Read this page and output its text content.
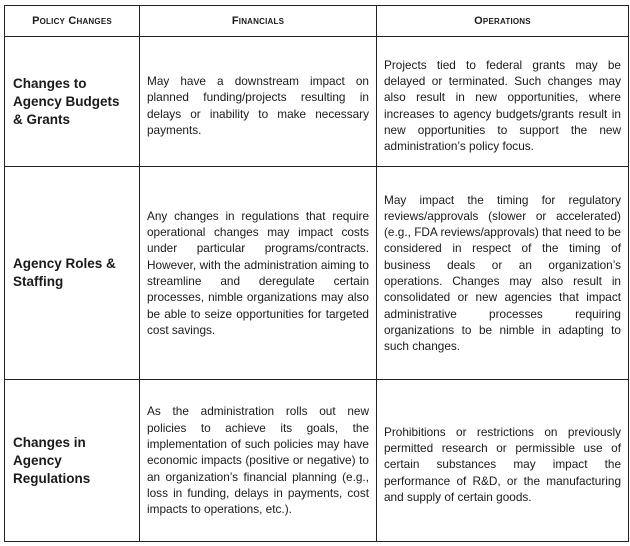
Policy Changes	Financials	Operations
Changes to Agency Budgets & Grants	May have a downstream impact on planned funding/projects resulting in delays or inability to make necessary payments.	Projects tied to federal grants may be delayed or terminated. Such changes may also result in new opportunities, where increases to agency budgets/grants result in new opportunities to support the new administration’s policy focus.
Agency Roles & Staffing	Any changes in regulations that require operational changes may impact costs under particular programs/contracts. However, with the administration aiming to streamline and deregulate certain processes, nimble organizations may also be able to seize opportunities for targeted cost savings.	May impact the timing for regulatory reviews/approvals (slower or accelerated) (e.g., FDA reviews/approvals) that need to be considered in respect of the timing of business deals or an organization’s operations. Changes may also result in consolidated or new agencies that impact administrative processes requiring organizations to be nimble in adapting to such changes.
Changes in Agency Regulations	As the administration rolls out new policies to achieve its goals, the implementation of such policies may have economic impacts (positive or negative) to an organization’s financial planning (e.g., loss in funding, delays in payments, cost impacts to operations, etc.).	Prohibitions or restrictions on previously permitted research or permissible use of certain substances may impact the performance of R&D, or the manufacturing and supply of certain goods.
